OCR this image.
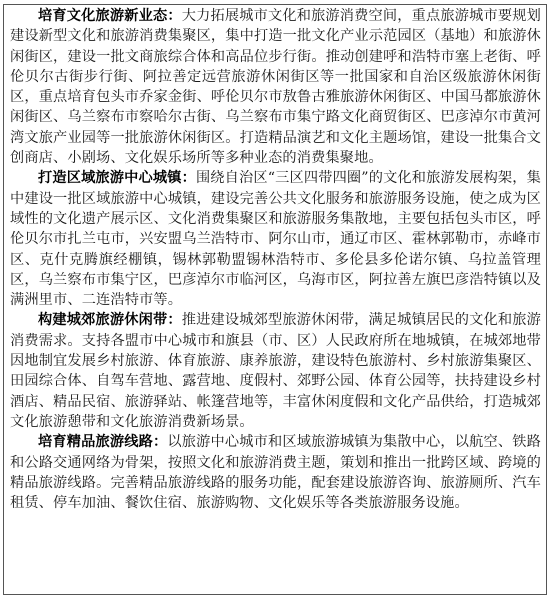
培育文化旅游新业态：大力拓展城市文化和旅游消费空间，重点旅游城市要规划建设新型文化和旅游消费集聚区，集中打造一批文化产业示范园区（基地）和旅游休闲街区，建设一批文商旅综合体和高品位步行街。推动创建呼和浩特市塞上老街、呼伦贝尔古街步行街、阿拉善定远营旅游休闲街区等一批国家和自治区级旅游休闲街区，重点培育包头市乔家金街、呼伦贝尔市敖鲁古雅旅游休闲街区、中国马都旅游休闲街区、乌兰察布市察哈尔古街、乌兰察布市集宁路文化商贸街区、巴彦淖尔市黄河湾文旅产业园等一批旅游休闲街区。打造精品演艺和文化主题场馆，建设一批集合文创商店、小剧场、文化娱乐场所等多种业态的消费集聚地。

打造区域旅游中心城镇：围绕自治区“三区四带四圈”的文化和旅游发展构架，集中建设一批区域旅游中心城镇，建设完善公共文化服务和旅游服务设施，使之成为区域性的文化遗产展示区、文化消费集聚区和旅游服务集散地，主要包括包头市区，呼伦贝尔市扎兰屯市，兴安盟乌兰浩特市、阿尔山市，通辽市区、霍林郭勒市，赤峰市区、克什克腾旗经棚镇，锡林郭勒盟锡林浩特市、多伦县多伦诺尔镇、乌拉盖管理区，乌兰察布市集宁区，巴彦淖尔市临河区，乌海市区，阿拉善左旗巴彦浩特镇以及满洲里市、二连浩特市等。

构建城郊旅游休闲带：推进建设城郊型旅游休闲带，满足城镇居民的文化和旅游消费需求。支持各盟市中心城市和旗县（市、区）人民政府所在地城镇，在城郊地带因地制宜发展乡村旅游、体育旅游、康养旅游，建设特色旅游村、乡村旅游集聚区、田园综合体、自驾车营地、露营地、度假村、郊野公园、体育公园等，扶持建设乡村酒店、精品民宿、旅游驿站、帐篷营地等，丰富休闲度假和文化产品供给，打造城郊文化旅游憩带和文化旅游消费新场景。

培育精品旅游线路：以旅游中心城市和区域旅游城镇为集散中心，以航空、铁路和公路交通网络为骨架，按照文化和旅游消费主题，策划和推出一批跨区域、跨境的精品旅游线路。完善精品旅游线路的服务功能，配套建设旅游咨询、旅游厕所、汽车租赁、停车加油、餐饮住宿、旅游购物、文化娱乐等各类旅游服务设施。
